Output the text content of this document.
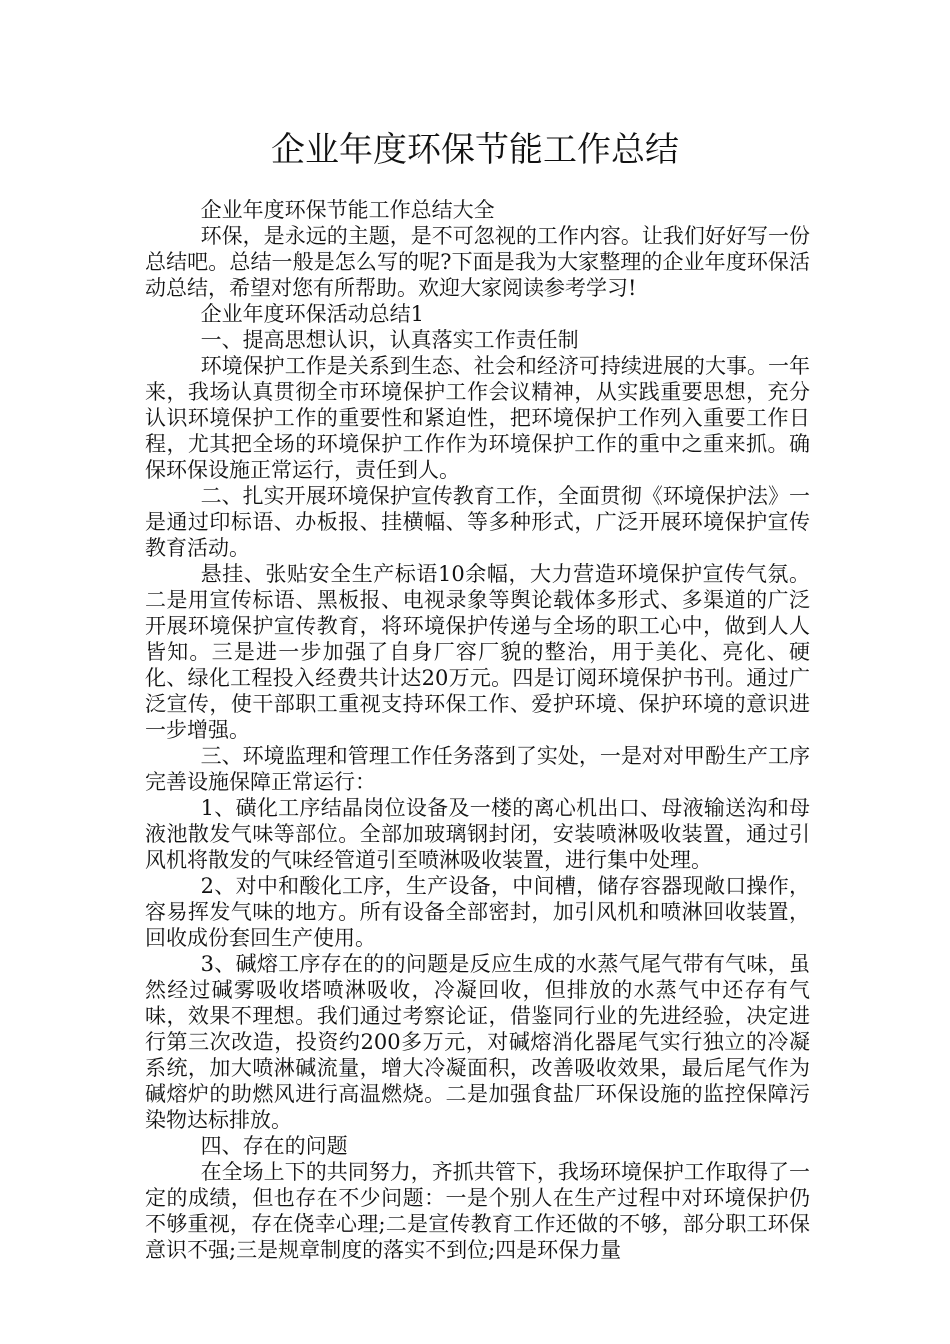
企业年度环保节能工作总结

企业年度环保节能工作总结大全

环保，是永远的主题，是不可忽视的工作内容。让我们好好写一份总结吧。总结一般是怎么写的呢?下面是我为大家整理的企业年度环保活动总结，希望对您有所帮助。欢迎大家阅读参考学习!

企业年度环保活动总结1

一、提高思想认识，认真落实工作责任制

环境保护工作是关系到生态、社会和经济可持续进展的大事。一年来，我场认真贯彻全市环境保护工作会议精神，从实践重要思想，充分认识环境保护工作的重要性和紧迫性，把环境保护工作列入重要工作日程，尤其把全场的环境保护工作作为环境保护工作的重中之重来抓。确保环保设施正常运行，责任到人。

二、扎实开展环境保护宣传教育工作，全面贯彻《环境保护法》一是通过印标语、办板报、挂横幅、等多种形式，广泛开展环境保护宣传教育活动。

悬挂、张贴安全生产标语10余幅，大力营造环境保护宣传气氛。二是用宣传标语、黑板报、电视录象等舆论载体多形式、多渠道的广泛开展环境保护宣传教育，将环境保护传递与全场的职工心中，做到人人皆知。三是进一步加强了自身厂容厂貌的整治，用于美化、亮化、硬化、绿化工程投入经费共计达20万元。四是订阅环境保护书刊。通过广泛宣传，使干部职工重视支持环保工作、爱护环境、保护环境的意识进一步增强。

三、环境监理和管理工作任务落到了实处，一是对对甲酚生产工序完善设施保障正常运行：

1、磺化工序结晶岗位设备及一楼的离心机出口、母液输送沟和母液池散发气味等部位。全部加玻璃钢封闭，安装喷淋吸收装置，通过引风机将散发的气味经管道引至喷淋吸收装置，进行集中处理。

2、对中和酸化工序，生产设备，中间槽，储存容器现敞口操作，容易挥发气味的地方。所有设备全部密封，加引风机和喷淋回收装置，回收成份套回生产使用。

3、碱熔工序存在的的问题是反应生成的水蒸气尾气带有气味，虽然经过碱雾吸收塔喷淋吸收，冷凝回收，但排放的水蒸气中还存有气味，效果不理想。我们通过考察论证，借鉴同行业的先进经验，决定进行第三次改造，投资约200多万元，对碱熔消化器尾气实行独立的冷凝系统，加大喷淋碱流量，增大冷凝面积，改善吸收效果，最后尾气作为碱熔炉的助燃风进行高温燃烧。二是加强食盐厂环保设施的监控保障污染物达标排放。

四、存在的问题

在全场上下的共同努力，齐抓共管下，我场环境保护工作取得了一定的成绩，但也存在不少问题：一是个别人在生产过程中对环境保护仍不够重视，存在侥幸心理;二是宣传教育工作还做的不够，部分职工环保意识不强;三是规章制度的落实不到位;四是环保力量
